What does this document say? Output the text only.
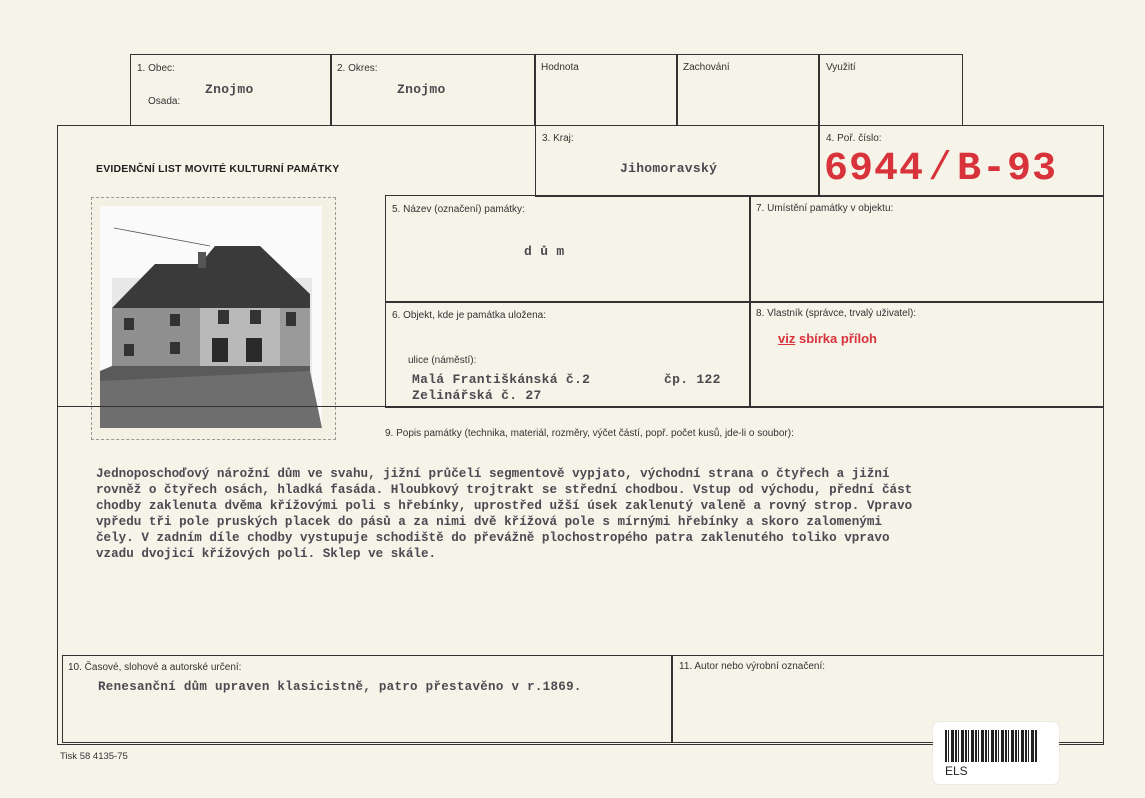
1. Obec:
Znojmo
Osada:
2. Okres:
Znojmo
Hodnota	Zachování	Využití
EVIDENČNÍ LIST MOVITÉ KULTURNÍ PAMÁTKY
3. Kraj:
Jihomoravský
4. Poř. číslo:
6944 / B-93
5. Název (označení) památky:
d ů m
7. Umístění památky v objektu:
6. Objekt, kde je památka uložena:
ulice (náměstí):
Malá Františkánská č.2	čp. 122
Zelinářská č. 27
8. Vlastník (správce, trvalý uživatel):
viz sbírka příloh
9. Popis památky (technika, materiál, rozměry, výčet částí, popř. počet kusů, jde-li o soubor):
Jednoposchoďový nárožní dům ve svahu, jižní průčelí segmentově vypjato, východní strana o čtyřech a jižní
rovněž o čtyřech osách, hladká fasáda. Hloubkový trojtrakt se střední chodbou. Vstup od východu, přední část
chodby zaklenuta dvěma křížovými poli s hřebínky, uprostřed užší úsek zaklenutý valeně a rovný strop. Vpravo
vpředu tři pole pruských placek do pásů a za nimi dvě křížová pole s mírnými hřebínky a skoro zalomenými
čely. V zadním díle chodby vystupuje schodiště do převážně plochostropého patra zaklenutého toliko vpravo
vzadu dvojicí křížových polí. Sklep ve skále.
10. Časové, slohové a autorské určení:
Renesanční dům upraven klasicistně, patro přestavěno v r.1869.
11. Autor nebo výrobní označení:
Tisk 58 4135-75
ELS
